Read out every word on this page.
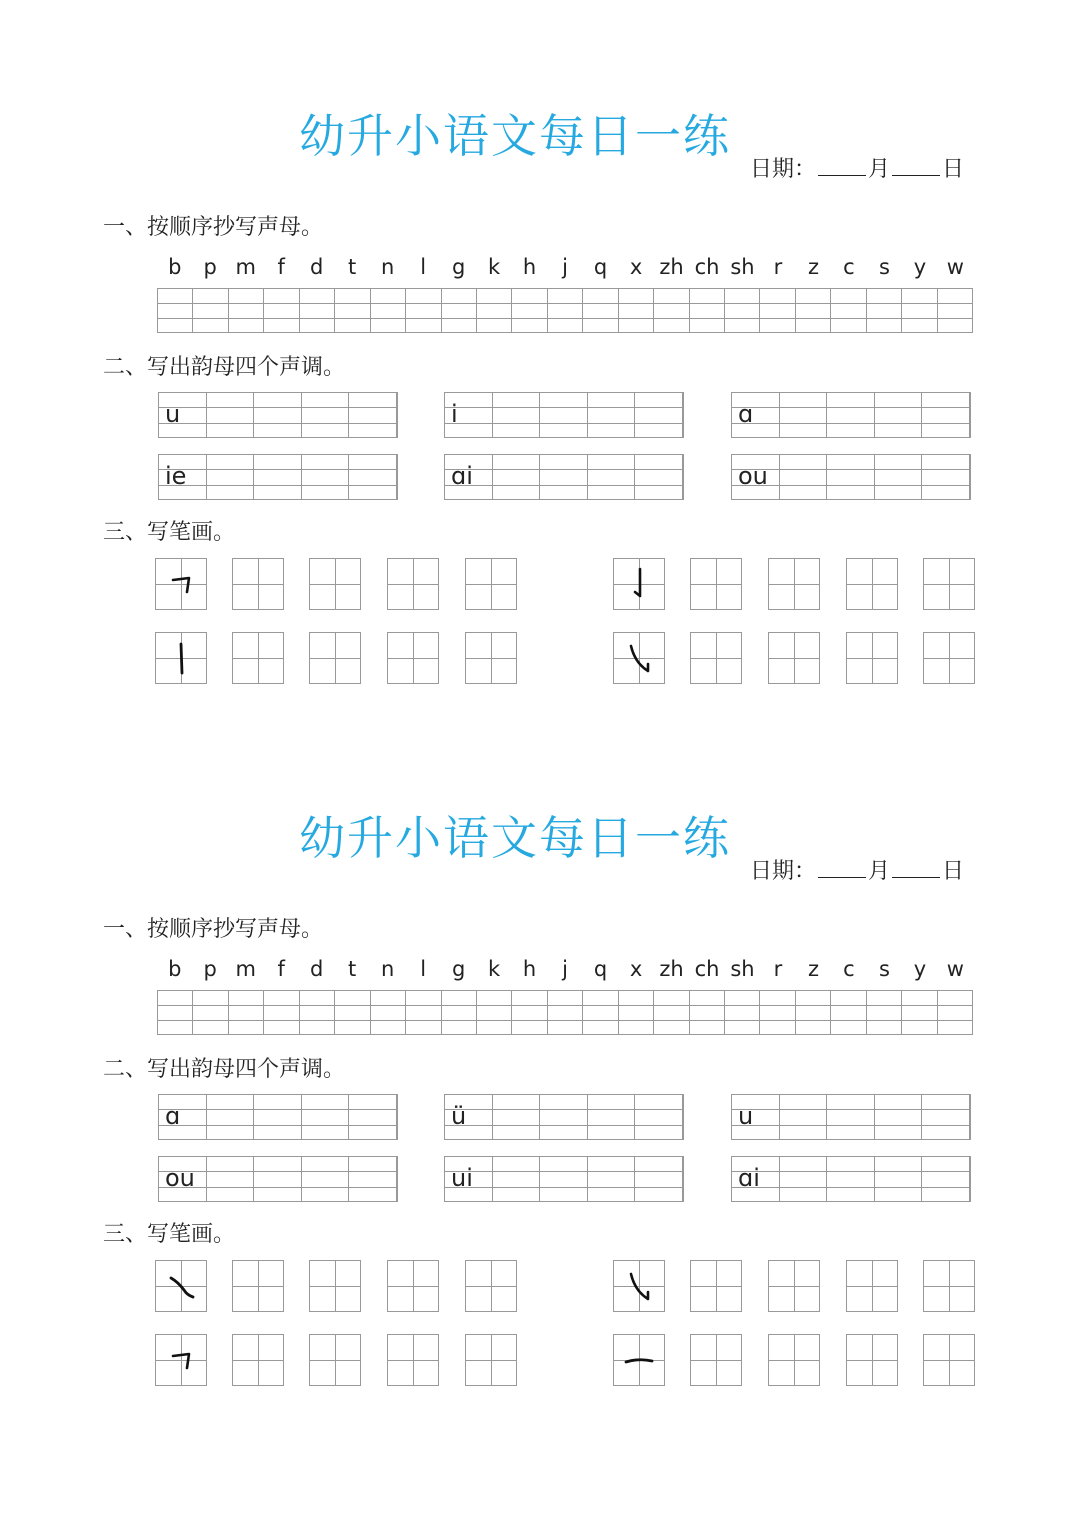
幼升小语文每日一练
日期： 月 日
一、按顺序抄写声母。
二、写出韵母四个声调。
三、写笔画。
b	p m	f	d	t	n	l	g	k	h	j	q	x zh ch sh r	z	c	s	y w
u	i	ɑ
ie	ɑi	ou
幼升小语文每日一练
日期： 月 日
一、按顺序抄写声母。
二、写出韵母四个声调。
三、写笔画。
b	p m	f	d	t	n	l	g	k	h	j	q	x zh ch sh r	z	c	s	y w
ɑ	ü	u
ou	ui	ɑi
